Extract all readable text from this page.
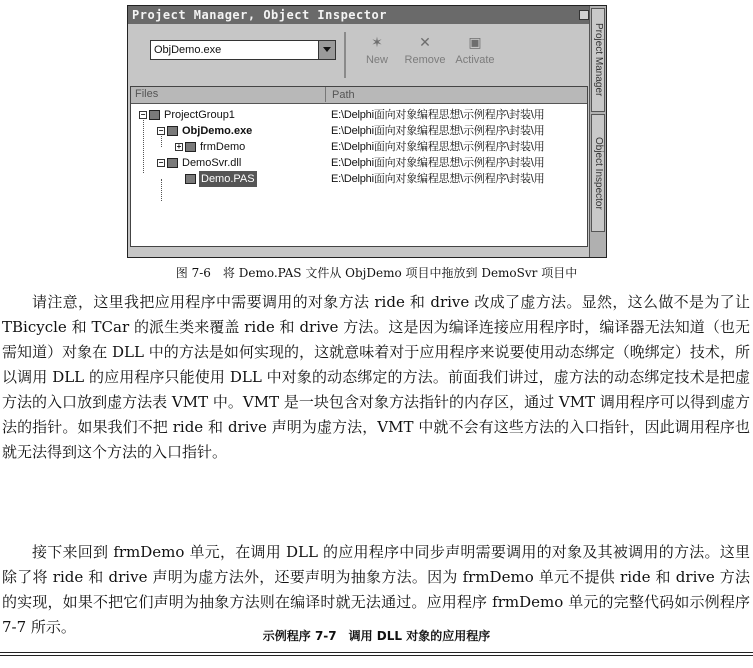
Project Manager, Object Inspector
ObjDemo.exe	✶
New
✕
Remove
▣
Activate
Files	Path
− ProjectGroup1	E:\Delphi面向对象编程思想\示例程序\封装\用
− ObjDemo.exe	E:\Delphi面向对象编程思想\示例程序\封装\用
+ frmDemo	E:\Delphi面向对象编程思想\示例程序\封装\用
− DemoSvr.dll	E:\Delphi面向对象编程思想\示例程序\封装\用
Demo.PAS	E:\Delphi面向对象编程思想\示例程序\封装\用
Project Manager
Object Inspector
图 7-6　将 Demo.PAS 文件从 ObjDemo 项目中拖放到 DemoSvr 项目中
请注意，这里我把应用程序中需要调用的对象方法 ride 和 drive 改成了虚方法。显然，这么做不是为了让 TBicycle 和 TCar 的派生类来覆盖 ride 和 drive 方法。这是因为编译连接应用程序时，编译器无法知道（也无需知道）对象在 DLL 中的方法是如何实现的，这就意味着对于应用程序来说要使用动态绑定（晚绑定）技术，所以调用 DLL 的应用程序只能使用 DLL 中对象的动态绑定的方法。前面我们讲过，虚方法的动态绑定技术是把虚方法的入口放到虚方法表 VMT 中。VMT 是一块包含对象方法指针的内存区，通过 VMT 调用程序可以得到虚方法的指针。如果我们不把 ride 和 drive 声明为虚方法，VMT 中就不会有这些方法的入口指针，因此调用程序也就无法得到这个方法的入口指针。
接下来回到 frmDemo 单元，在调用 DLL 的应用程序中同步声明需要调用的对象及其被调用的方法。这里除了将 ride 和 drive 声明为虚方法外，还要声明为抽象方法。因为 frmDemo 单元不提供 ride 和 drive 方法的实现，如果不把它们声明为抽象方法则在编译时就无法通过。应用程序 frmDemo 单元的完整代码如示例程序 7-7 所示。	示例程序 7-7　调用 DLL 对象的应用程序
